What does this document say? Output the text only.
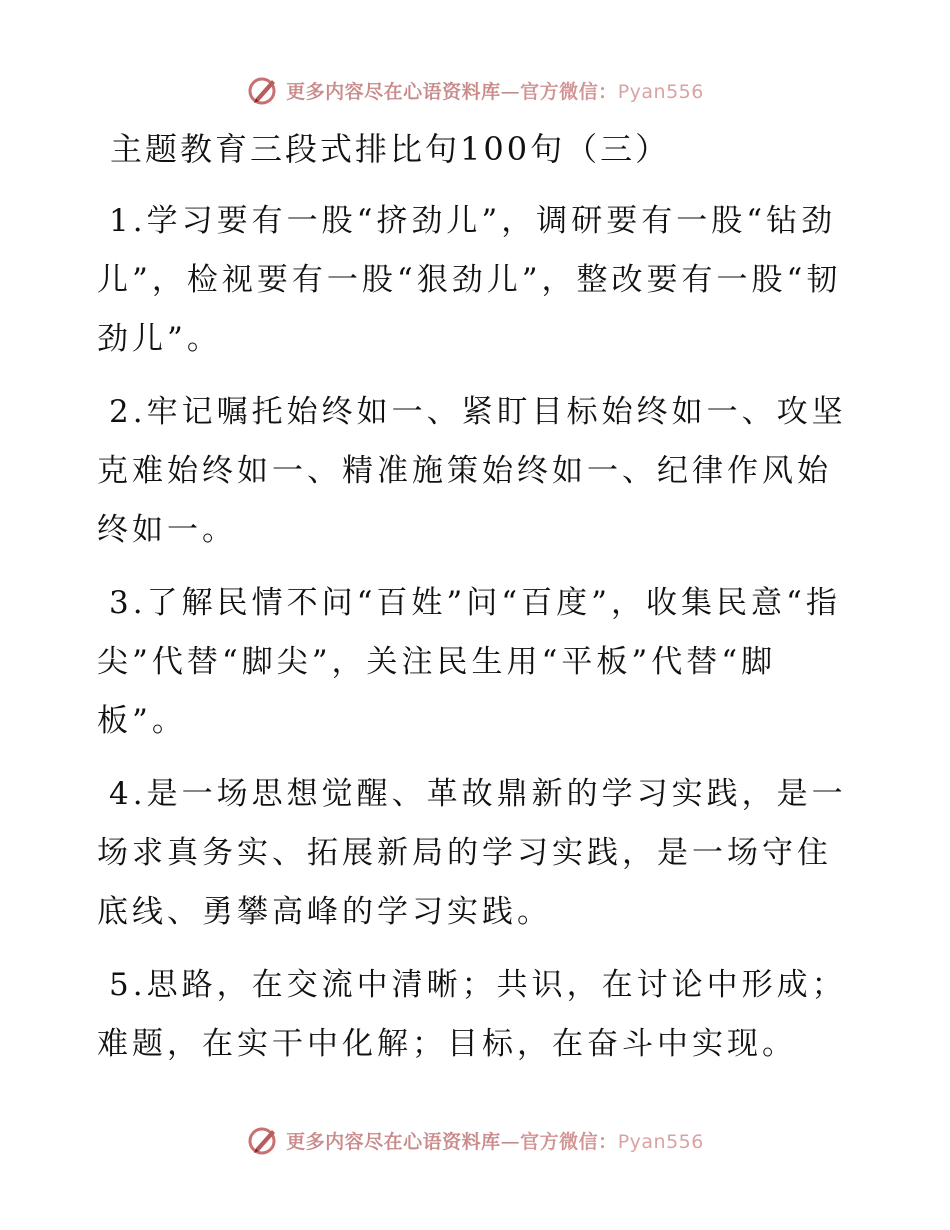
更多内容尽在心语资料库—官方微信：Pyan556
主题教育三段式排比句100句（三）

1.学习要有一股“挤劲儿”，调研要有一股“钻劲儿”，检视要有一股“狠劲儿”，整改要有一股“韧劲儿”。

2.牢记嘱托始终如一、紧盯目标始终如一、攻坚克难始终如一、精准施策始终如一、纪律作风始终如一。

3.了解民情不问“百姓”问“百度”，收集民意“指尖”代替“脚尖”，关注民生用“平板”代替“脚板”。

4.是一场思想觉醒、革故鼎新的学习实践，是一场求真务实、拓展新局的学习实践，是一场守住底线、勇攀高峰的学习实践。

5.思路，在交流中清晰；共识，在讨论中形成；难题，在实干中化解；目标，在奋斗中实现。

更多内容尽在心语资料库—官方微信：Pyan556
